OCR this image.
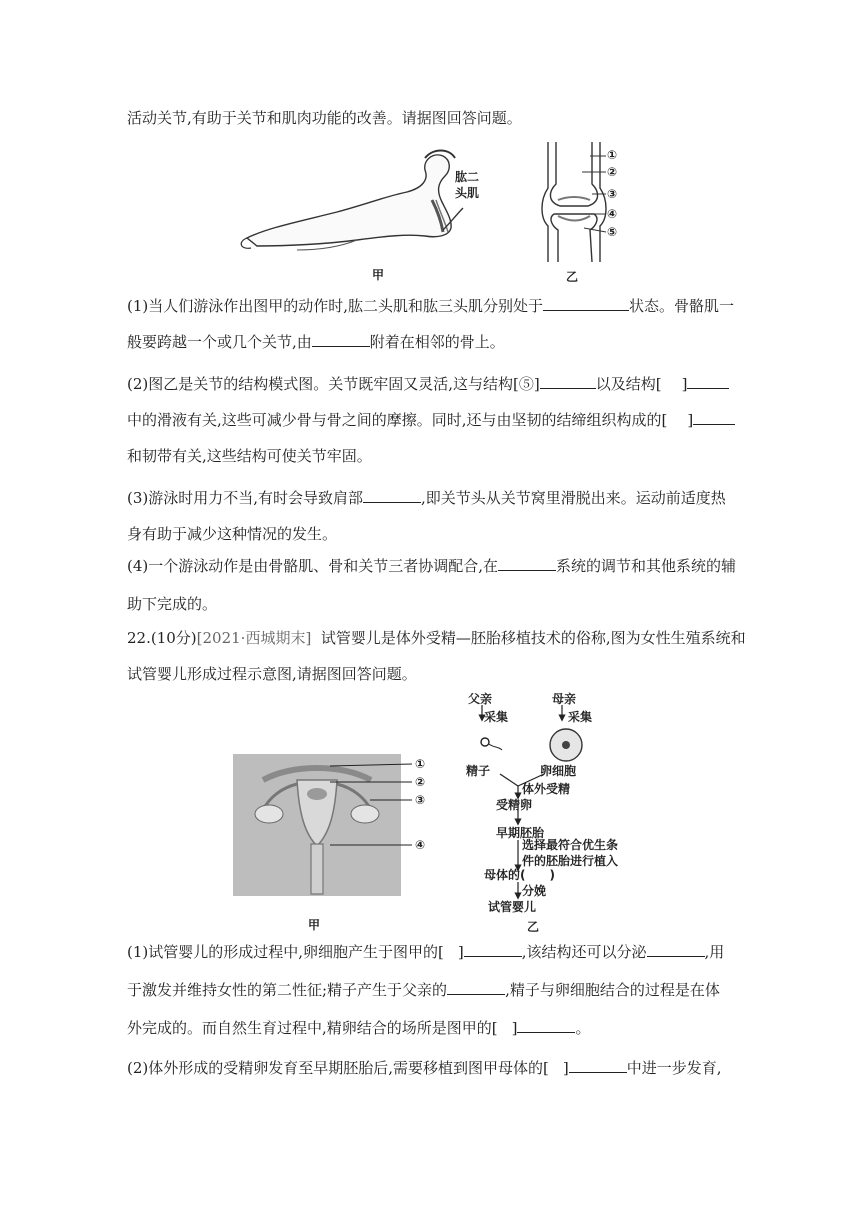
活动关节,有助于关节和肌肉功能的改善。请据图回答问题。
肱二
头肌
甲
①
②
③
④
⑤
乙
(1)当人们游泳作出图甲的动作时,肱二头肌和肱三头肌分别处于	状态。骨骼肌一
般要跨越一个或几个关节,由	附着在相邻的骨上。
(2)图乙是关节的结构模式图。关节既牢固又灵活,这与结构[⑤]	以及结构[ ]
中的滑液有关,这些可减少骨与骨之间的摩擦。同时,还与由坚韧的结缔组织构成的[ ]
和韧带有关,这些结构可使关节牢固。
(3)游泳时用力不当,有时会导致肩部	,即关节头从关节窝里滑脱出来。运动前适度热
身有助于减少这种情况的发生。
(4)一个游泳动作是由骨骼肌、骨和关节三者协调配合,在	系统的调节和其他系统的辅
助下完成的。
22.(10分)[2021·西城期末] 试管婴儿是体外受精—胚胎移植技术的俗称,图为女性生殖系统和
试管婴儿形成过程示意图,请据图回答问题。
①
②
③
④
甲
父亲
采集
母亲
采集
精子	卵细胞
体外受精
受精卵
早期胚胎
选择最符合优生条
件的胚胎进行植入
母体的(　　)
分娩
试管婴儿
乙
(1)试管婴儿的形成过程中,卵细胞产生于图甲的[ ]	,该结构还可以分泌	,用
于激发并维持女性的第二性征;精子产生于父亲的	,精子与卵细胞结合的过程是在体
外完成的。而自然生育过程中,精卵结合的场所是图甲的[ ]	。
(2)体外形成的受精卵发育至早期胚胎后,需要移植到图甲母体的[ ]	中进一步发育,
